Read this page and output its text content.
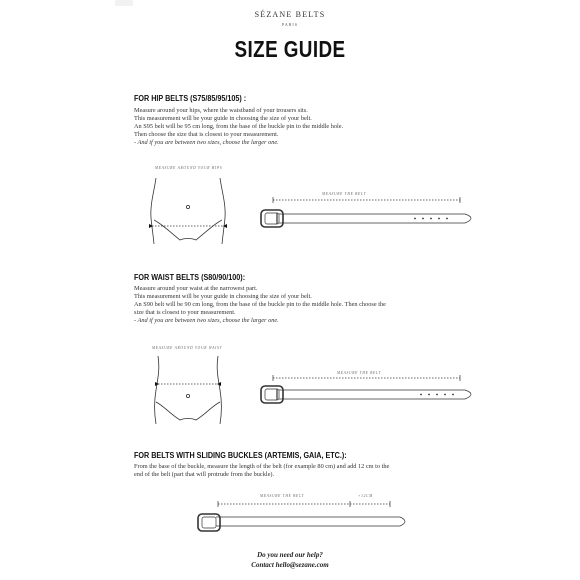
SÉZANE BELTS
PARIS
SIZE GUIDE
FOR HIP BELTS (S75/85/95/105) :
Measure around your hips, where the waistband of your trousers sits.
This measurement will be your guide in choosing the size of your belt.
An S95 belt will be 95 cm long, from the base of the buckle pin to the middle hole.
Then choose the size that is closest to your measurement.
- And if you are between two sizes, choose the larger one.
MEASURE AROUND YOUR HIPS
MEASURE THE BELT
FOR WAIST BELTS (S80/90/100):
Measure around your waist at the narrowest part.
This measurement will be your guide in choosing the size of your belt.
An S90 belt will be 90 cm long, from the base of the buckle pin to the middle hole. Then choose the
size that is closest to your measurement.
- And if you are between two sizes, choose the larger one.
MEASURE AROUND YOUR WAIST
MEASURE THE BELT
FOR BELTS WITH SLIDING BUCKLES (ARTEMIS, GAIA, ETC.):
From the base of the buckle, measure the length of the belt (for example 80 cm) and add 12 cm to the
end of the belt (part that will protrude from the buckle).
MEASURE THE BELT	+12CM
Do you need our help?
Contact hello@sezane.com
